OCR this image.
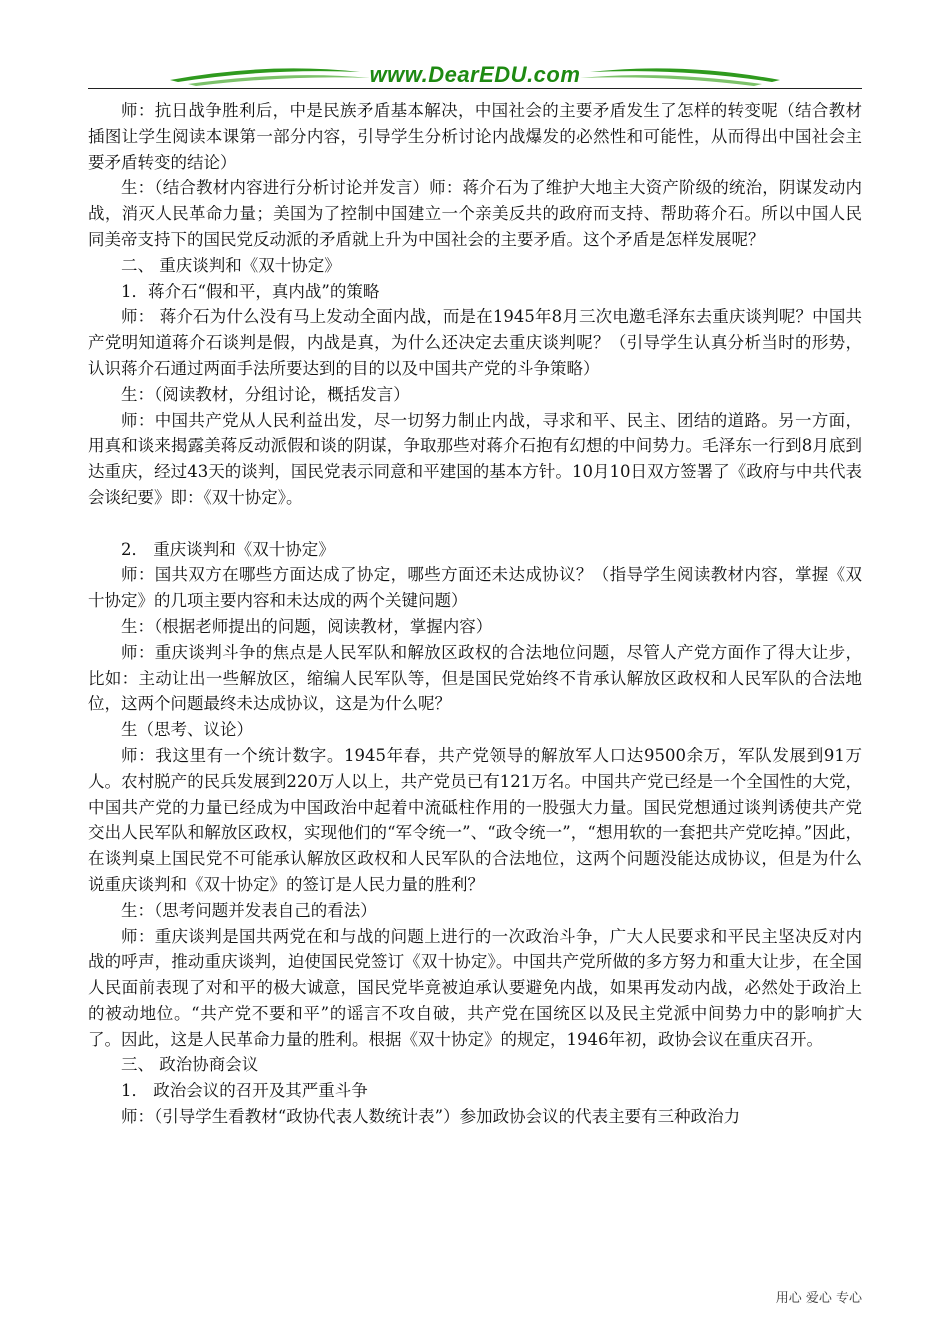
www.DearEDU.com

师：抗日战争胜利后，中是民族矛盾基本解决，中国社会的主要矛盾发生了怎样的转变呢（结合教材插图让学生阅读本课第一部分内容，引导学生分析讨论内战爆发的必然性和可能性，从而得出中国社会主要矛盾转变的结论）

生：（结合教材内容进行分析讨论并发言）师：蒋介石为了维护大地主大资产阶级的统治，阴谋发动内战，消灭人民革命力量；美国为了控制中国建立一个亲美反共的政府而支持、帮助蒋介石。所以中国人民同美帝支持下的国民党反动派的矛盾就上升为中国社会的主要矛盾。这个矛盾是怎样发展呢？

二、 重庆谈判和《双十协定》

1．蒋介石“假和平，真内战”的策略

师： 蒋介石为什么没有马上发动全面内战，而是在1945年8月三次电邀毛泽东去重庆谈判呢？中国共产党明知道蒋介石谈判是假，内战是真，为什么还决定去重庆谈判呢？（引导学生认真分析当时的形势，认识蒋介石通过两面手法所要达到的目的以及中国共产党的斗争策略）

生：（阅读教材，分组讨论，概括发言）

师：中国共产党从人民利益出发，尽一切努力制止内战，寻求和平、民主、团结的道路。另一方面，用真和谈来揭露美蒋反动派假和谈的阴谋，争取那些对蒋介石抱有幻想的中间势力。毛泽东一行到8月底到达重庆，经过43天的谈判，国民党表示同意和平建国的基本方针。10月10日双方签署了《政府与中共代表会谈纪要》即：《双十协定》。

2． 重庆谈判和《双十协定》

师：国共双方在哪些方面达成了协定，哪些方面还未达成协议？（指导学生阅读教材内容，掌握《双十协定》的几项主要内容和未达成的两个关键问题）

生：（根据老师提出的问题，阅读教材，掌握内容）

师：重庆谈判斗争的焦点是人民军队和解放区政权的合法地位问题，尽管人产党方面作了得大让步，比如：主动让出一些解放区，缩编人民军队等，但是国民党始终不肯承认解放区政权和人民军队的合法地位，这两个问题最终未达成协议，这是为什么呢？

生（思考、议论）

师：我这里有一个统计数字。1945年春，共产党领导的解放军人口达9500余万，军队发展到91万人。农村脱产的民兵发展到220万人以上，共产党员已有121万名。中国共产党已经是一个全国性的大党，中国共产党的力量已经成为中国政治中起着中流砥柱作用的一股强大力量。国民党想通过谈判诱使共产党交出人民军队和解放区政权，实现他们的“军令统一”、“政令统一”，“想用软的一套把共产党吃掉。”因此，在谈判桌上国民党不可能承认解放区政权和人民军队的合法地位，这两个问题没能达成协议，但是为什么说重庆谈判和《双十协定》的签订是人民力量的胜利？

生：（思考问题并发表自己的看法）

师：重庆谈判是国共两党在和与战的问题上进行的一次政治斗争，广大人民要求和平民主坚决反对内战的呼声，推动重庆谈判，迫使国民党签订《双十协定》。中国共产党所做的多方努力和重大让步，在全国人民面前表现了对和平的极大诚意，国民党毕竟被迫承认要避免内战，如果再发动内战，必然处于政治上的被动地位。“共产党不要和平”的谣言不攻自破，共产党在国统区以及民主党派中间势力中的影响扩大了。因此，这是人民革命力量的胜利。根据《双十协定》的规定，1946年初，政协会议在重庆召开。

三、 政治协商会议

1． 政治会议的召开及其严重斗争

师：（引导学生看教材“政协代表人数统计表”）参加政协会议的代表主要有三种政治力

用心 爱心 专心
